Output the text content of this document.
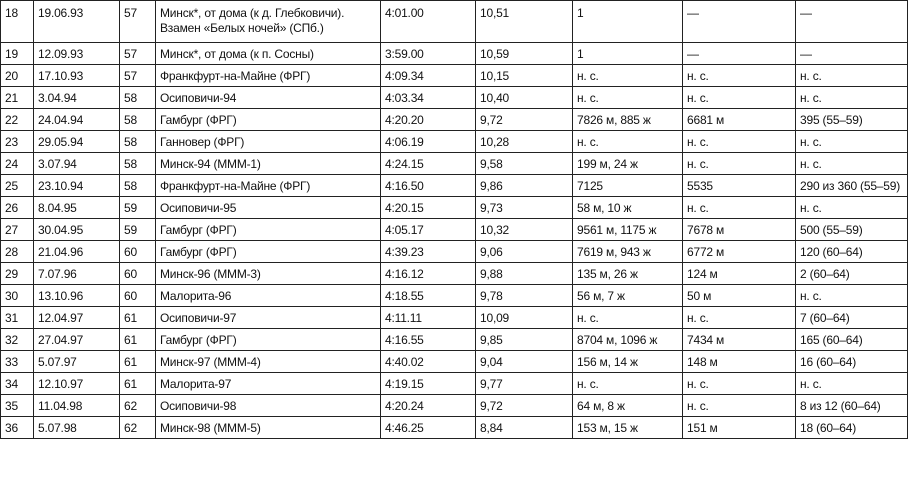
18	19.06.93	57	Минск*, от дома (к д. Глебковичи). Взамен «Белых ночей» (СПб.)	4:01.00	10,51	1	—	—
19	12.09.93	57	Минск*, от дома (к п. Сосны)	3:59.00	10,59	1	—	—
20	17.10.93	57	Франкфурт-на-Майне (ФРГ)	4:09.34	10,15	н. с.	н. с.	н. с.
21	3.04.94	58	Осиповичи-94	4:03.34	10,40	н. с.	н. с.	н. с.
22	24.04.94	58	Гамбург (ФРГ)	4:20.20	9,72	7826 м, 885 ж	6681 м	395 (55–59)
23	29.05.94	58	Ганновер (ФРГ)	4:06.19	10,28	н. с.	н. с.	н. с.
24	3.07.94	58	Минск-94 (МММ-1)	4:24.15	9,58	199 м, 24 ж	н. с.	н. с.
25	23.10.94	58	Франкфурт-на-Майне (ФРГ)	4:16.50	9,86	7125	5535	290 из 360 (55–59)
26	8.04.95	59	Осиповичи-95	4:20.15	9,73	58 м, 10 ж	н. с.	н. с.
27	30.04.95	59	Гамбург (ФРГ)	4:05.17	10,32	9561 м, 1175 ж	7678 м	500 (55–59)
28	21.04.96	60	Гамбург (ФРГ)	4:39.23	9,06	7619 м, 943 ж	6772 м	120 (60–64)
29	7.07.96	60	Минск-96 (МММ-3)	4:16.12	9,88	135 м, 26 ж	124 м	2 (60–64)
30	13.10.96	60	Малорита-96	4:18.55	9,78	56 м, 7 ж	50 м	н. с.
31	12.04.97	61	Осиповичи-97	4:11.11	10,09	н. с.	н. с.	7 (60–64)
32	27.04.97	61	Гамбург (ФРГ)	4:16.55	9,85	8704 м, 1096 ж	7434 м	165 (60–64)
33	5.07.97	61	Минск-97 (МММ-4)	4:40.02	9,04	156 м, 14 ж	148 м	16 (60–64)
34	12.10.97	61	Малорита-97	4:19.15	9,77	н. с.	н. с.	н. с.
35	11.04.98	62	Осиповичи-98	4:20.24	9,72	64 м, 8 ж	н. с.	8 из 12 (60–64)
36	5.07.98	62	Минск-98 (МММ-5)	4:46.25	8,84	153 м, 15 ж	151 м	18 (60–64)
